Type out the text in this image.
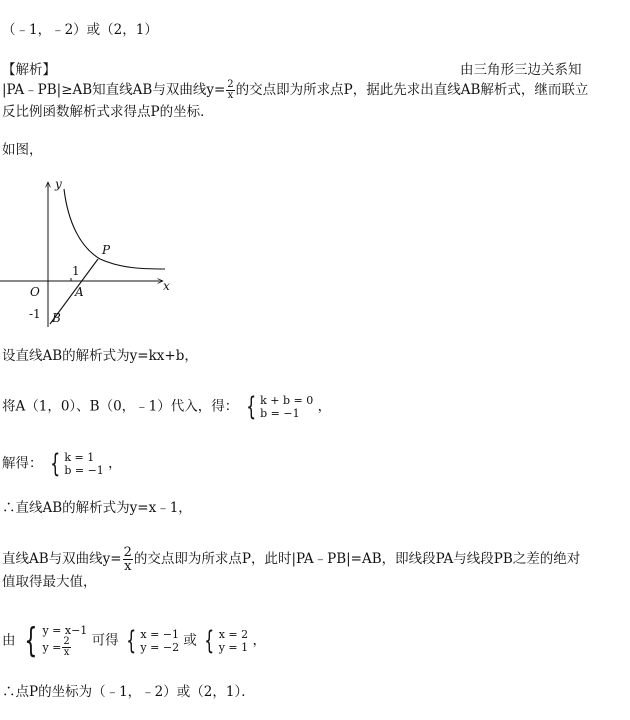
（﹣1，﹣2）或（2，1）
【解析】	由三角形三边关系知
|PA﹣PB|≥AB知直线AB与双曲线$y= \frac{2}{x}$ 的交点即为所求点P，据此先求出直线AB解析式，继而联立
反比例函数解析式求得点P的坐标．
如图，
y
x
O
P
A
B
1
-1
设直线AB的解析式为y=kx+b，
将A（1，0）、B（0，﹣1）代入，得： { k + b = 0
b = −1	，
解得： { k = 1
b = −1 ，
∴直线AB的解析式为y=x﹣1，
直线AB与双曲线$y= \frac{2}{x}$ 的交点即为所求点P，此时|PA﹣PB|=AB，即线段PA与线段PB之差的绝对
值取得最大值，
由 { y = x−1
$y = \frac{2}{x}$ 可得 { x = −1
y = −2 或 { x = 2
y = 1 ，
∴点P的坐标为（﹣1，﹣2）或（2，1）．
